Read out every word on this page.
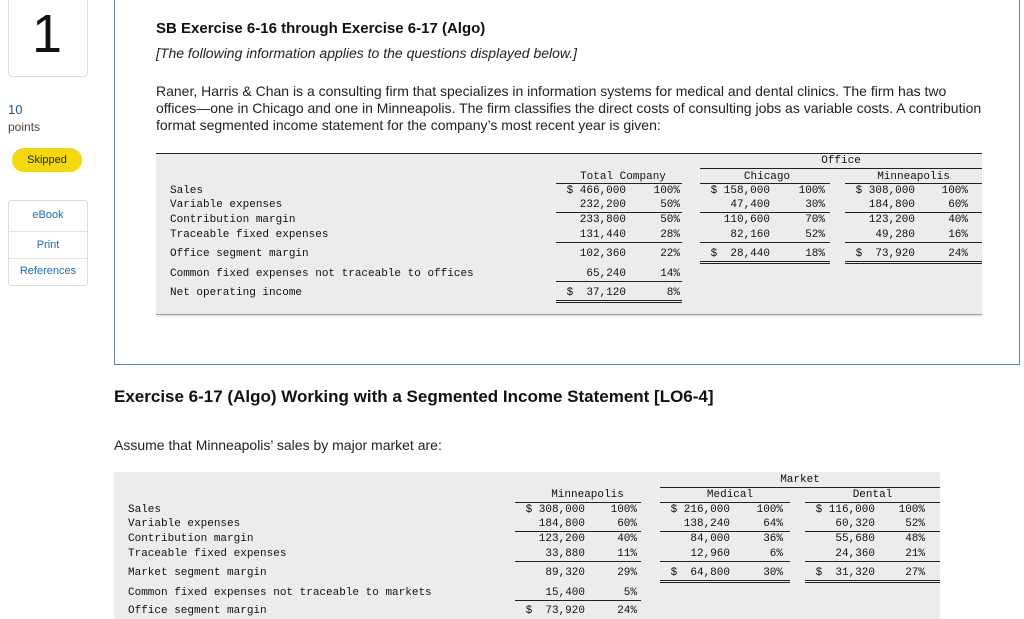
1
10
points
Skipped
eBook
Print
References
SB Exercise 6-16 through Exercise 6-17 (Algo)
[The following information applies to the questions displayed below.]
Raner, Harris & Chan is a consulting firm that specializes in information systems for medical and dental clinics. The firm has two offices—one in Chicago and one in Minneapolis. The firm classifies the direct costs of consulting jobs as variable costs. A contribution format segmented income statement for the company’s most recent year is given:
Office
Total Company	Chicago	Minneapolis
Sales	$ 466,000	100%	$ 158,000	100%	$ 308,000	100%
Variable expenses	232,200	50%	47,400	30%	184,800	60%
Contribution margin	233,800	50%	110,600	70%	123,200	40%
Traceable fixed expenses	131,440	28%	82,160	52%	49,280	16%
Office segment margin	102,360	22%	$  28,440	18%	$  73,920	24%
Common fixed expenses not traceable to offices	65,240	14%
Net operating income	$  37,120	8%
Exercise 6-17 (Algo) Working with a Segmented Income Statement [LO6-4]
Assume that Minneapolis’ sales by major market are:
Market
Minneapolis	Medical	Dental
Sales	$ 308,000	100%	$ 216,000	100%	$ 116,000	100%
Variable expenses	184,800	60%	138,240	64%	60,320	52%
Contribution margin	123,200	40%	84,000	36%	55,680	48%
Traceable fixed expenses	33,880	11%	12,960	6%	24,360	21%
Market segment margin	89,320	29%	$  64,800	30%	$  31,320	27%
Common fixed expenses not traceable to markets	15,400	5%
Office segment margin	$  73,920	24%
